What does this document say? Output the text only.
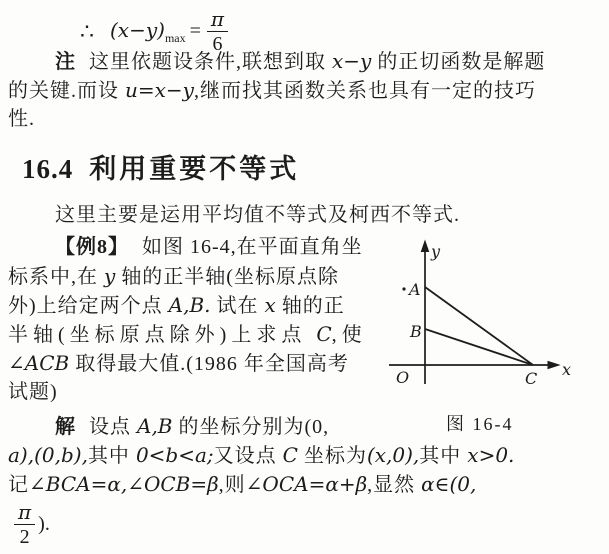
∴ $(x-y)_{max} = \frac{\pi}{6}$
注 这里依题设条件,联想到取 x−y 的正切函数是解题
的关键.而设 u=x−y,继而找其函数关系也具有一定的技巧
性.
16.4 利用重要不等式
这里主要是运用平均值不等式及柯西不等式.
【例8】 如图 16-4,在平面直角坐
标系中,在 y 轴的正半轴(坐标原点除
外)上给定两个点 A,B. 试在 x 轴的正
半轴(坐标原点除外)上求点 C,使
∠ACB 取得最大值.(1986 年全国高考
试题)
y
A
B
O	C x
图 16-4
解 设点 A,B 的坐标分别为(0,
a),(0,b),其中 0<b<a;又设点 C 坐标为(x,0),其中 x>0.
记∠BCA=α,∠OCB=β,则∠OCA=α+β,显然 α∈(0,
$\frac{\pi}{2}$ ).
